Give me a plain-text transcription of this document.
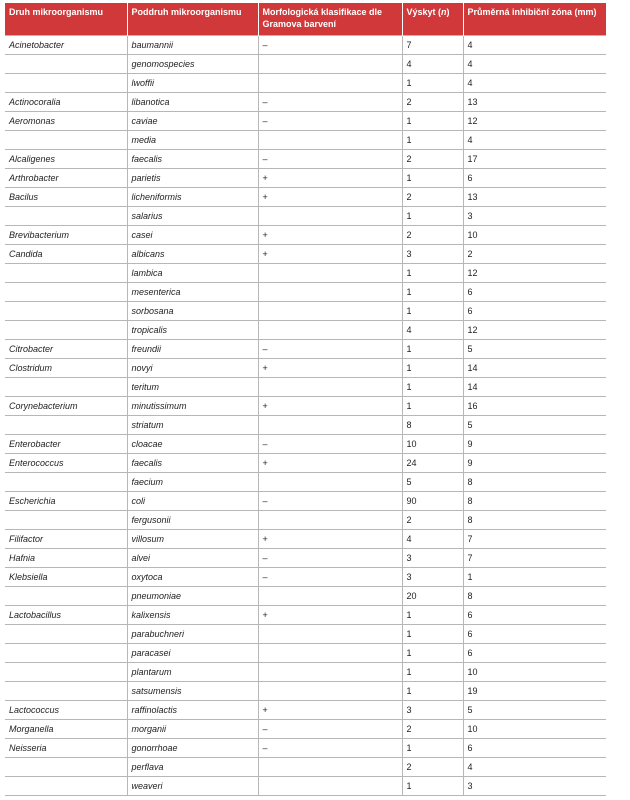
Druh mikroorganismu	Poddruh mikroorganismu	Morfologická klasifikace dle Gramova barvení	Výskyt (n)	Průměrná inhibiční zóna (mm)
Acinetobacter	baumannii	–	7	4
	genomospecies		4	4
	lwoffii		1	4
Actinocoralia	libanotica	–	2	13
Aeromonas	caviae	–	1	12
	media		1	4
Alcaligenes	faecalis	–	2	17
Arthrobacter	parietis	+	1	6
Bacilus	licheniformis	+	2	13
	salarius		1	3
Brevibacterium	casei	+	2	10
Candida	albicans	+	3	2
	lambica		1	12
	mesenterica		1	6
	sorbosana		1	6
	tropicalis		4	12
Citrobacter	freundii	–	1	5
Clostridum	novyi	+	1	14
	teritum		1	14
Corynebacterium	minutissimum	+	1	16
	striatum		8	5
Enterobacter	cloacae	–	10	9
Enterococcus	faecalis	+	24	9
	faecium		5	8
Escherichia	coli	–	90	8
	fergusonii		2	8
Filifactor	villosum	+	4	7
Hafnia	alvei	–	3	7
Klebsiella	oxytoca	–	3	1
	pneumoniae		20	8
Lactobacillus	kalixensis	+	1	6
	parabuchneri		1	6
	paracasei		1	6
	plantarum		1	10
	satsumensis		1	19
Lactococcus	raffinolactis	+	3	5
Morganella	morganii	–	2	10
Neisseria	gonorrhoae	–	1	6
	perflava		2	4
	weaveri		1	3
